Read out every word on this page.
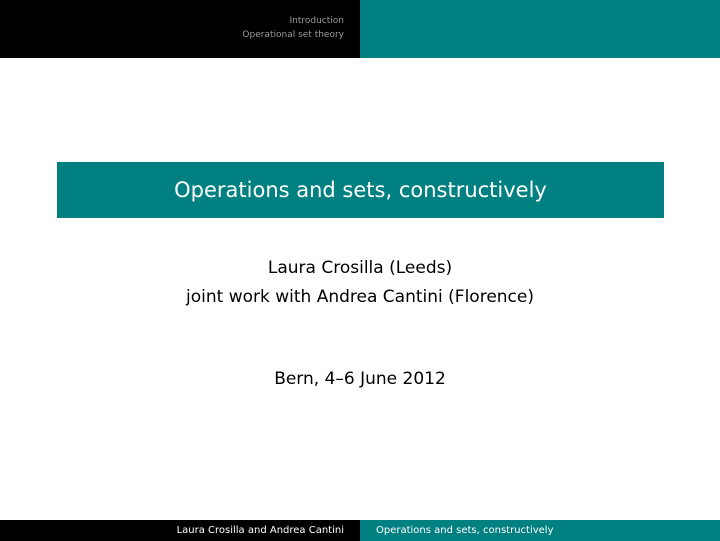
Introduction
Operational set theory
Operations and sets, constructively
Laura Crosilla (Leeds)
joint work with Andrea Cantini (Florence)
Bern, 4–6 June 2012
Laura Crosilla and Andrea Cantini	Operations and sets, constructively
